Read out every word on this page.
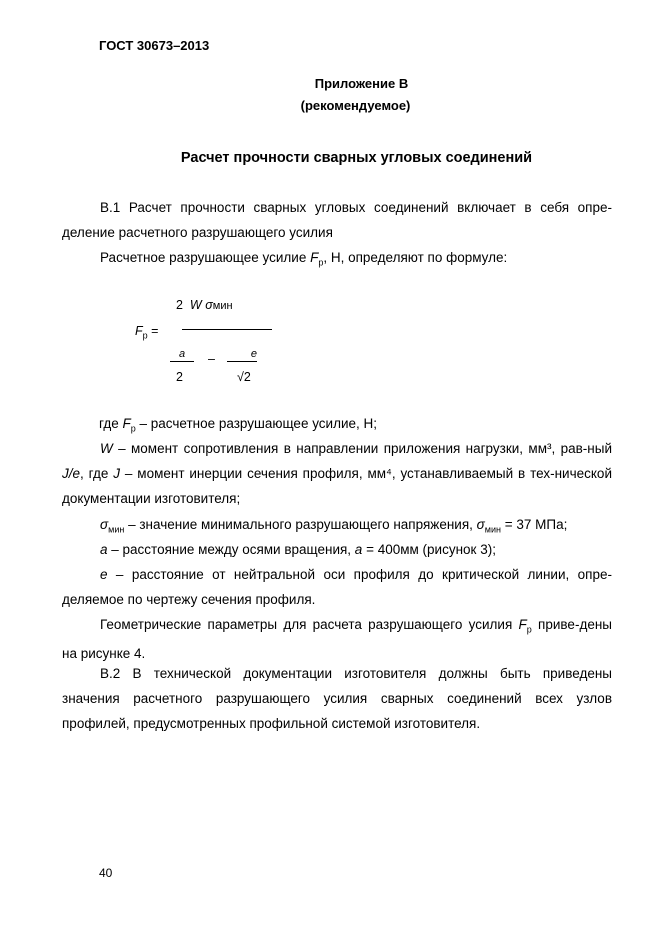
ГОСТ 30673–2013
Приложение В
(рекомендуемое)
Расчет прочности сварных угловых соединений
В.1 Расчет прочности сварных угловых соединений включает в себя опре-деление расчетного разрушающего усилия
Расчетное разрушающее усилие $F_р$, Н, определяют по формуле:
2 W σмин
$F_р$ =
a	–	e
2	√2
где $F_р$ – расчетное разрушающее усилие, Н;
W – момент сопротивления в направлении приложения нагрузки, мм³, рав-ный J/e, где J – момент инерции сечения профиля, мм⁴, устанавливаемый в тех-нической документации изготовителя;
$\sigma_{мин}$ – значение минимального разрушающего напряжения, $\sigma_{мин} = 37$ МПа;
a – расстояние между осями вращения, a = 400мм (рисунок 3);
e – расстояние от нейтральной оси профиля до критической линии, опре-деляемое по чертежу сечения профиля.
Геометрические параметры для расчета разрушающего усилия $F_р$ приве-дены на рисунке 4.
В.2 В технической документации изготовителя должны быть приведены значения расчетного разрушающего усилия сварных соединений всех узлов профилей, предусмотренных профильной системой изготовителя.
40
